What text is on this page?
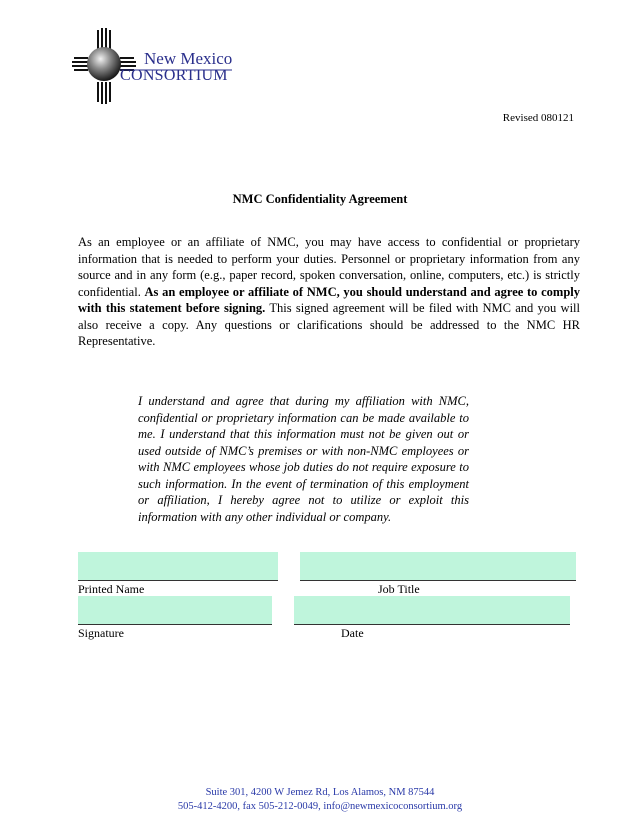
New Mexico
CONSORTIUM
Revised 080121
NMC Confidentiality Agreement

As an employee or an affiliate of NMC, you may have access to confidential or proprietary information that is needed to perform your duties. Personnel or proprietary information from any source and in any form (e.g., paper record, spoken conversation, online, computers, etc.) is strictly confidential. As an employee or affiliate of NMC, you should understand and agree to comply with this statement before signing. This signed agreement will be filed with NMC and you will also receive a copy. Any questions or clarifications should be addressed to the NMC HR Representative.

I understand and agree that during my affiliation with NMC, confidential or proprietary information can be made available to me. I understand that this information must not be given out or used outside of NMC’s premises or with non-NMC employees or with NMC employees whose job duties do not require exposure to such information. In the event of termination of this employment or affiliation, I hereby agree not to utilize or exploit this information with any other individual or company.

Printed Name	Job Title
Signature	Date
Suite 301, 4200 W Jemez Rd, Los Alamos, NM 87544
505-412-4200, fax 505-212-0049, info@newmexicoconsortium.org
